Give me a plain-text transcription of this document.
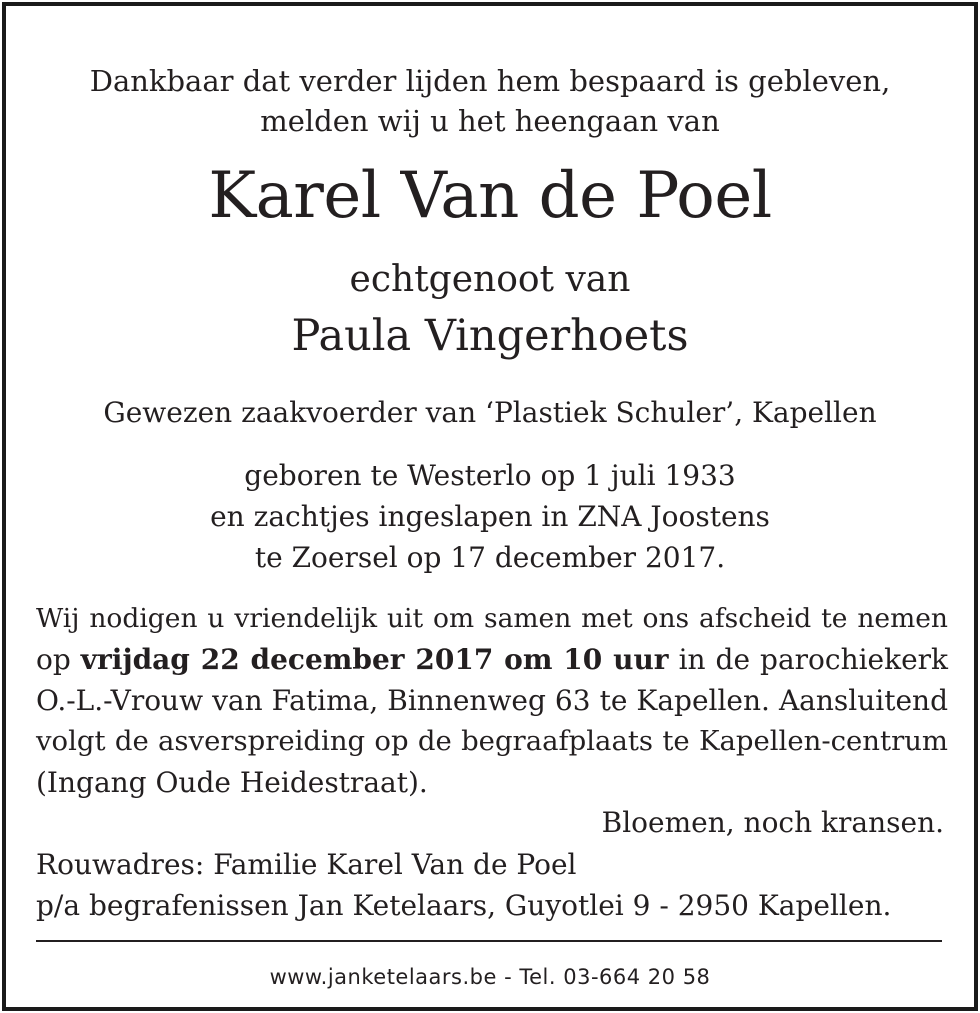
Dankbaar dat verder lijden hem bespaard is gebleven,
melden wij u het heengaan van
Karel Van de Poel
echtgenoot van
Paula Vingerhoets
Gewezen zaakvoerder van ‘Plastiek Schuler’, Kapellen
geboren te Westerlo op 1 juli 1933
en zachtjes ingeslapen in ZNA Joostens
te Zoersel op 17 december 2017.
Wij nodigen u vriendelijk uit om samen met ons afscheid te nemen
op vrijdag 22 december 2017 om 10 uur in de parochiekerk
O.-L.-Vrouw van Fatima, Binnenweg 63 te Kapellen. Aansluitend
volgt de asverspreiding op de begraafplaats te Kapellen-centrum
(Ingang Oude Heidestraat).
Bloemen, noch kransen.
Rouwadres: Familie Karel Van de Poel
p/a begrafenissen Jan Ketelaars, Guyotlei 9 - 2950 Kapellen.
www.janketelaars.be - Tel. 03-664 20 58
